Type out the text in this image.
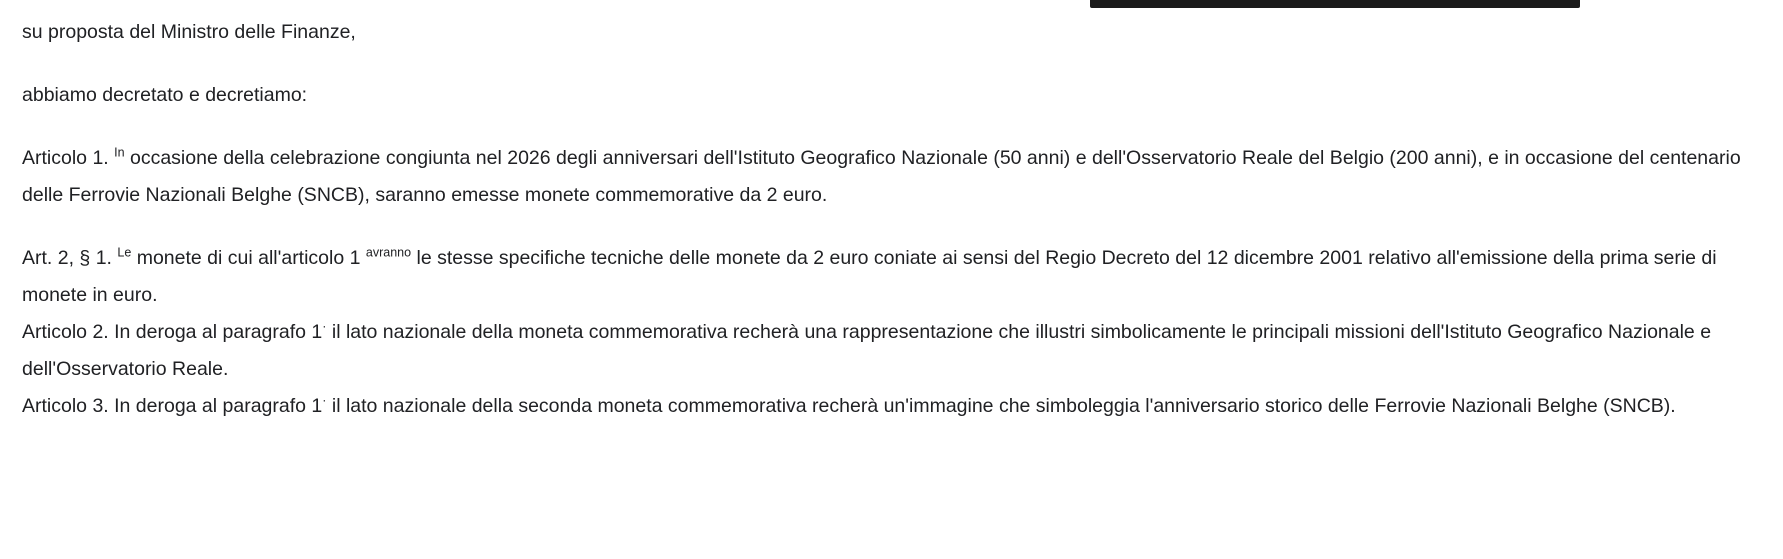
su proposta del Ministro delle Finanze,

abbiamo decretato e decretiamo:

Articolo 1. $^{In}$ occasione della celebrazione congiunta nel 2026 degli anniversari dell'Istituto Geografico Nazionale (50 anni) e dell'Osservatorio Reale del Belgio (200 anni), e in occasione del centenario delle Ferrovie Nazionali Belghe (SNCB), saranno emesse monete commemorative da 2 euro.

Art. 2, § 1. $^{Le}$ monete di cui all'articolo 1 $^{avranno}$ le stesse specifiche tecniche delle monete da 2 euro coniate ai sensi del Regio Decreto del 12 dicembre 2001 relativo all'emissione della prima serie di monete in euro.

Articolo 2. In deroga al paragrafo 1· il lato nazionale della moneta commemorativa recherà una rappresentazione che illustri simbolicamente le principali missioni dell'Istituto Geografico Nazionale e dell'Osservatorio Reale.

Articolo 3. In deroga al paragrafo 1· il lato nazionale della seconda moneta commemorativa recherà un'immagine che simboleggia l'anniversario storico delle Ferrovie Nazionali Belghe (SNCB).
